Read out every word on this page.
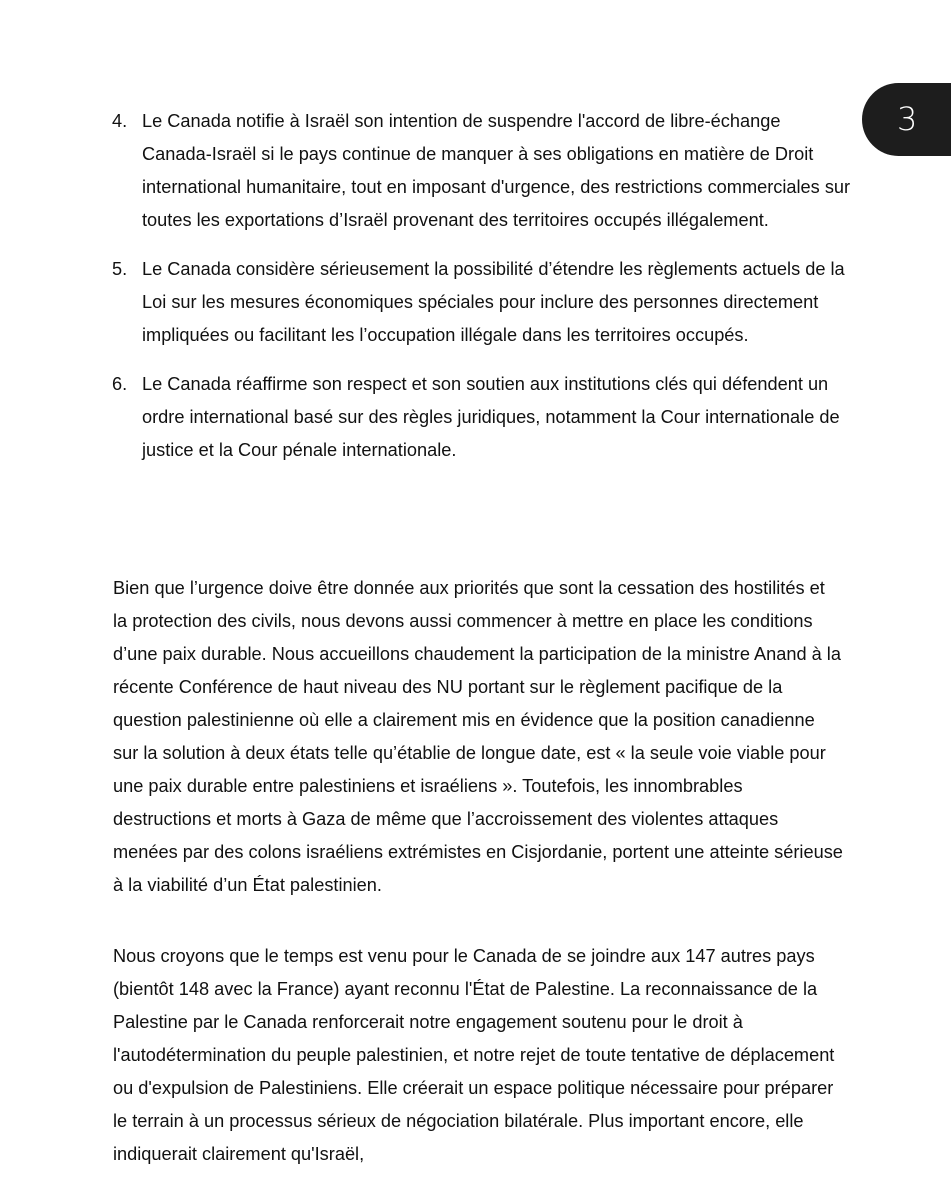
3
4. Le Canada notifie à Israël son intention de suspendre l'accord de libre-échange Canada-Israël si le pays continue de manquer à ses obligations en matière de Droit international humanitaire, tout en imposant d'urgence, des restrictions commerciales sur toutes les exportations d’Israël provenant des territoires occupés illégalement.
5. Le Canada considère sérieusement la possibilité d’étendre les règlements actuels de la Loi sur les mesures économiques spéciales pour inclure des personnes directement impliquées ou facilitant les l’occupation illégale dans les territoires occupés.
6. Le Canada réaffirme son respect et son soutien aux institutions clés qui défendent un ordre international basé sur des règles juridiques, notamment la Cour internationale de justice et la Cour pénale internationale.

Bien que l’urgence doive être donnée aux priorités que sont la cessation des hostilités et la protection des civils, nous devons aussi commencer à mettre en place les conditions d’une paix durable. Nous accueillons chaudement la participation de la ministre Anand à la récente Conférence de haut niveau des NU portant sur le règlement pacifique de la question palestinienne où elle a clairement mis en évidence que la position canadienne sur la solution à deux états telle qu’établie de longue date, est « la seule voie viable pour une paix durable entre palestiniens et israéliens ». Toutefois, les innombrables destructions et morts à Gaza de même que l’accroissement des violentes attaques menées par des colons israéliens extrémistes en Cisjordanie, portent une atteinte sérieuse à la viabilité d’un État palestinien.

Nous croyons que le temps est venu pour le Canada de se joindre aux 147 autres pays (bientôt 148 avec la France) ayant reconnu l'État de Palestine. La reconnaissance de la Palestine par le Canada renforcerait notre engagement soutenu pour le droit à l'autodétermination du peuple palestinien, et notre rejet de toute tentative de déplacement ou d'expulsion de Palestiniens. Elle créerait un espace politique nécessaire pour préparer le terrain à un processus sérieux de négociation bilatérale. Plus important encore, elle indiquerait clairement qu'Israël,
